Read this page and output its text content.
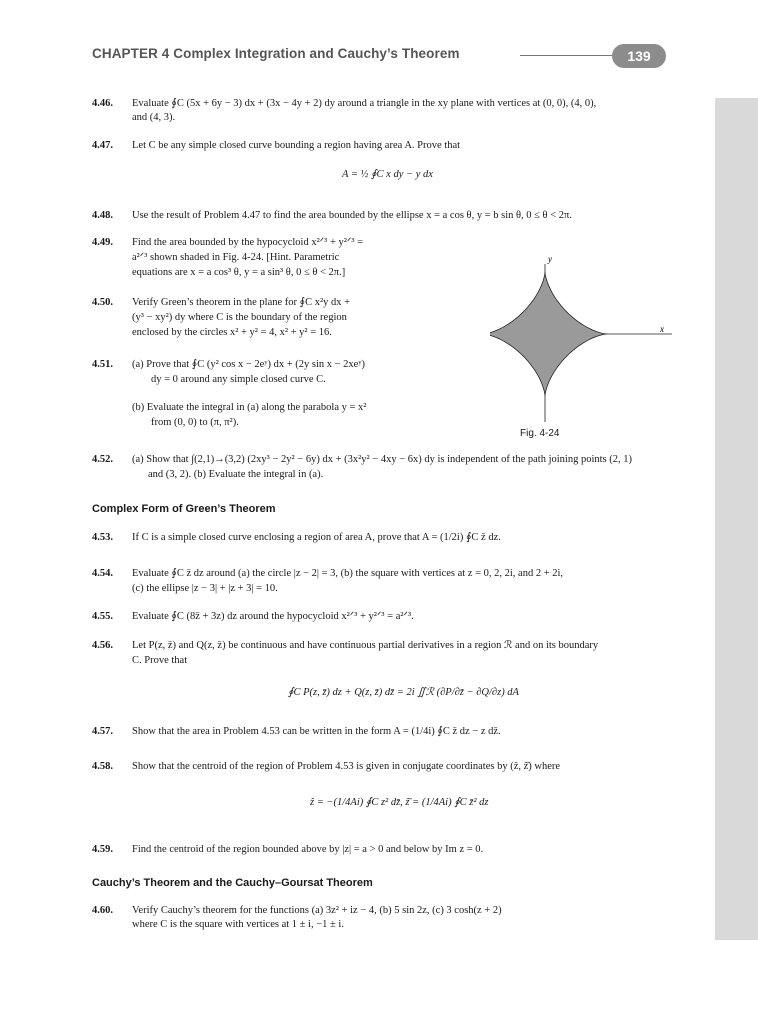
CHAPTER 4 Complex Integration and Cauchy’s Theorem	139
4.46. Evaluate ∮C (5x + 6y − 3) dx + (3x − 4y + 2) dy around a triangle in the xy plane with vertices at (0, 0), (4, 0),
and (4, 3).
4.47. Let C be any simple closed curve bounding a region having area A. Prove that
A = ½ ∮C x dy − y dx
4.48. Use the result of Problem 4.47 to find the area bounded by the ellipse x = a cos θ, y = b sin θ, 0 ≤ θ < 2π.
4.49. Find the area bounded by the hypocycloid x²ᐟ³ + y²ᐟ³ =
a²ᐟ³ shown shaded in Fig. 4-24. [Hint. Parametric
equations are x = a cos³ θ, y = a sin³ θ, 0 ≤ θ < 2π.]
4.50. Verify Green’s theorem in the plane for ∮C x²y dx +
(y³ − xy²) dy where C is the boundary of the region
enclosed by the circles x² + y² = 4, x² + y² = 16.
4.51. (a) Prove that ∮C (y² cos x − 2eʸ) dx + (2y sin x − 2xeʸ)
dy = 0 around any simple closed curve C.
(b) Evaluate the integral in (a) along the parabola y = x²
from (0, 0) to (π, π²).
y
x
Fig. 4-24
4.52. (a) Show that ∫(2,1)→(3,2) (2xy³ − 2y² − 6y) dx + (3x²y² − 4xy − 6x) dy is independent of the path joining points (2, 1)
and (3, 2). (b) Evaluate the integral in (a).
Complex Form of Green’s Theorem
4.53. If C is a simple closed curve enclosing a region of area A, prove that A = (1/2i) ∮C z̄ dz.
4.54. Evaluate ∮C z̄ dz around (a) the circle |z − 2| = 3, (b) the square with vertices at z = 0, 2, 2i, and 2 + 2i,
(c) the ellipse |z − 3| + |z + 3| = 10.
4.55. Evaluate ∮C (8z̄ + 3z) dz around the hypocycloid x²ᐟ³ + y²ᐟ³ = a²ᐟ³.
4.56. Let P(z, z̄) and Q(z, z̄) be continuous and have continuous partial derivatives in a region ℛ and on its boundary
C. Prove that
∮C P(z, z̄) dz + Q(z, z̄) dz̄ = 2i ∬ℛ (∂P/∂z̄ − ∂Q/∂z) dA
4.57. Show that the area in Problem 4.53 can be written in the form A = (1/4i) ∮C z̄ dz − z dz̄.
4.58. Show that the centroid of the region of Problem 4.53 is given in conjugate coordinates by (ẑ, ẑ̄) where
ẑ = −(1/4Ai) ∮C z² dz̄, ẑ̄ = (1/4Ai) ∮C z̄² dz
4.59. Find the centroid of the region bounded above by |z| = a > 0 and below by Im z = 0.
Cauchy’s Theorem and the Cauchy–Goursat Theorem
4.60. Verify Cauchy’s theorem for the functions (a) 3z² + iz − 4, (b) 5 sin 2z, (c) 3 cosh(z + 2)
where C is the square with vertices at 1 ± i, −1 ± i.
